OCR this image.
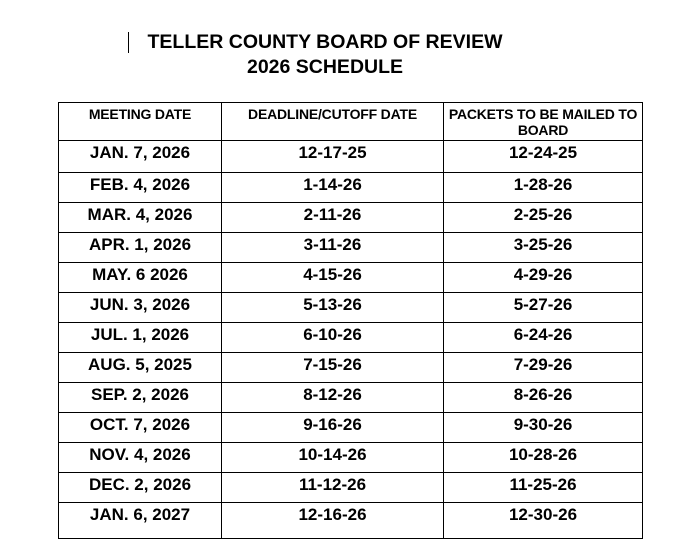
TELLER COUNTY BOARD OF REVIEW
2026 SCHEDULE
MEETING DATE	DEADLINE/CUTOFF DATE	PACKETS TO BE MAILED TO BOARD
JAN. 7, 2026	12-17-25	12-24-25
FEB. 4, 2026	1-14-26	1-28-26
MAR. 4, 2026	2-11-26	2-25-26
APR. 1, 2026	3-11-26	3-25-26
MAY. 6 2026	4-15-26	4-29-26
JUN. 3, 2026	5-13-26	5-27-26
JUL. 1, 2026	6-10-26	6-24-26
AUG. 5, 2025	7-15-26	7-29-26
SEP. 2, 2026	8-12-26	8-26-26
OCT. 7, 2026	9-16-26	9-30-26
NOV. 4, 2026	10-14-26	10-28-26
DEC. 2, 2026	11-12-26	11-25-26
JAN. 6, 2027	12-16-26	12-30-26
